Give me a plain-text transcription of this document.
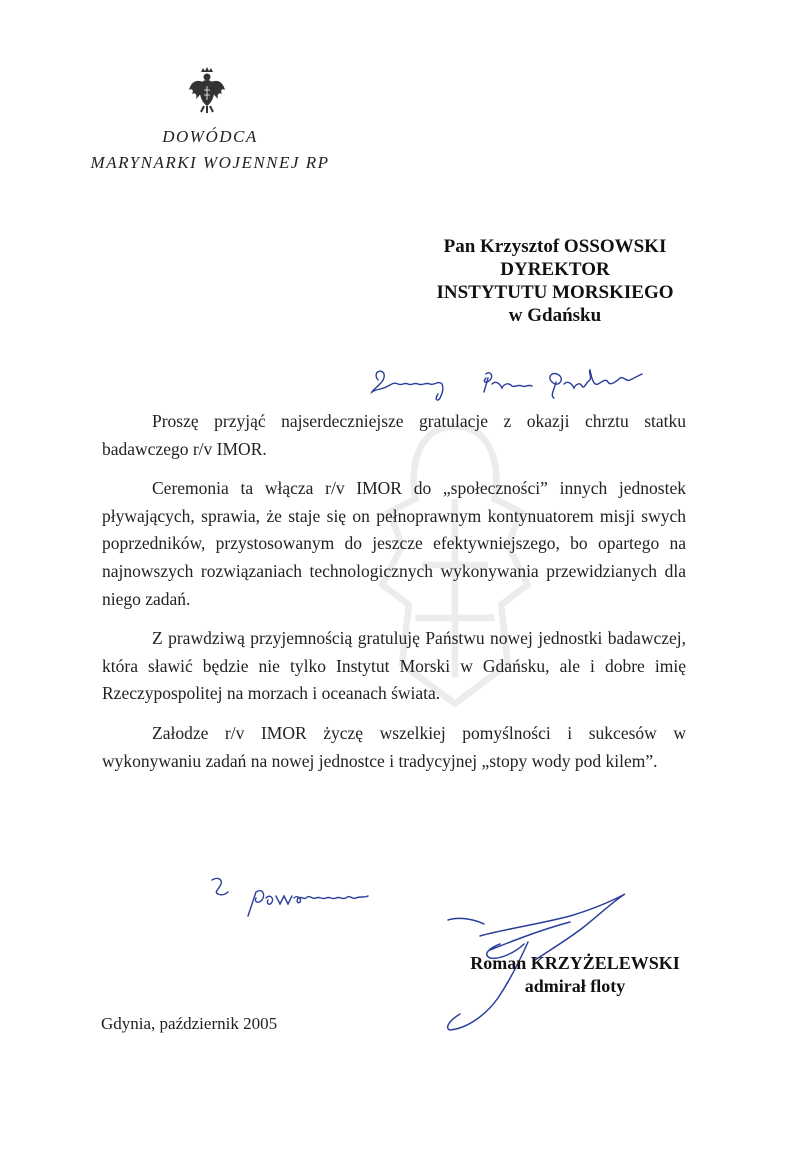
DOWÓDCA
MARYNARKI WOJENNEJ RP
Pan Krzysztof OSSOWSKI
DYREKTOR
INSTYTUTU MORSKIEGO
w Gdańsku

Proszę przyjąć najserdeczniejsze gratulacje z okazji chrztu statku badawczego r/v IMOR.

Ceremonia ta włącza r/v IMOR do „społeczności” innych jednostek pływających, sprawia, że staje się on pełnoprawnym kontynuatorem misji swych poprzedników, przystosowanym do jeszcze efektywniejszego, bo opartego na najnowszych rozwiązaniach technologicznych wykonywania przewidzianych dla niego zadań.

Z prawdziwą przyjemnością gratuluję Państwu nowej jednostki badawczej, która sławić będzie nie tylko Instytut Morski w Gdańsku, ale i dobre imię Rzeczypospolitej na morzach i oceanach świata.

Załodze r/v IMOR życzę wszelkiej pomyślności i sukcesów w wykonywaniu zadań na nowej jednostce i tradycyjnej „stopy wody pod kilem”.

Roman KRZYŻELEWSKI
admirał floty
Gdynia, październik 2005
